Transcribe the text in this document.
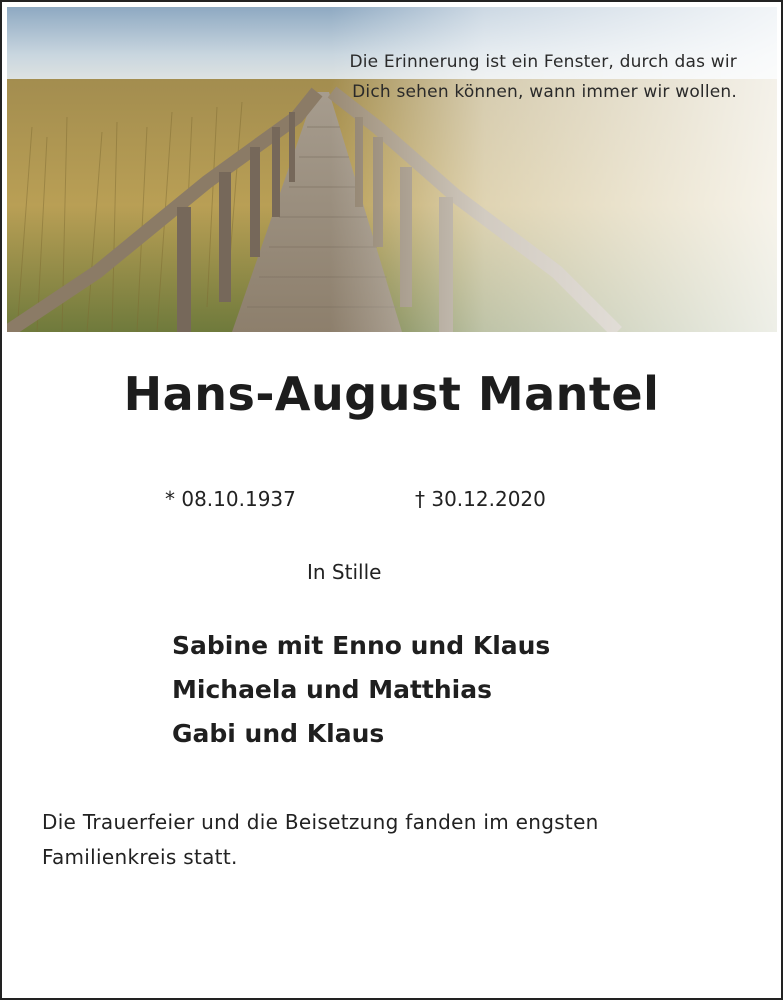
Die Erinnerung ist ein Fenster, durch das wir
Dich sehen können, wann immer wir wollen.
Hans-August Mantel
* 08.10.1937	† 30.12.2020
In Stille
Sabine mit Enno und Klaus
Michaela und Matthias
Gabi und Klaus
Die Trauerfeier und die Beisetzung fanden im engsten Familienkreis statt.
